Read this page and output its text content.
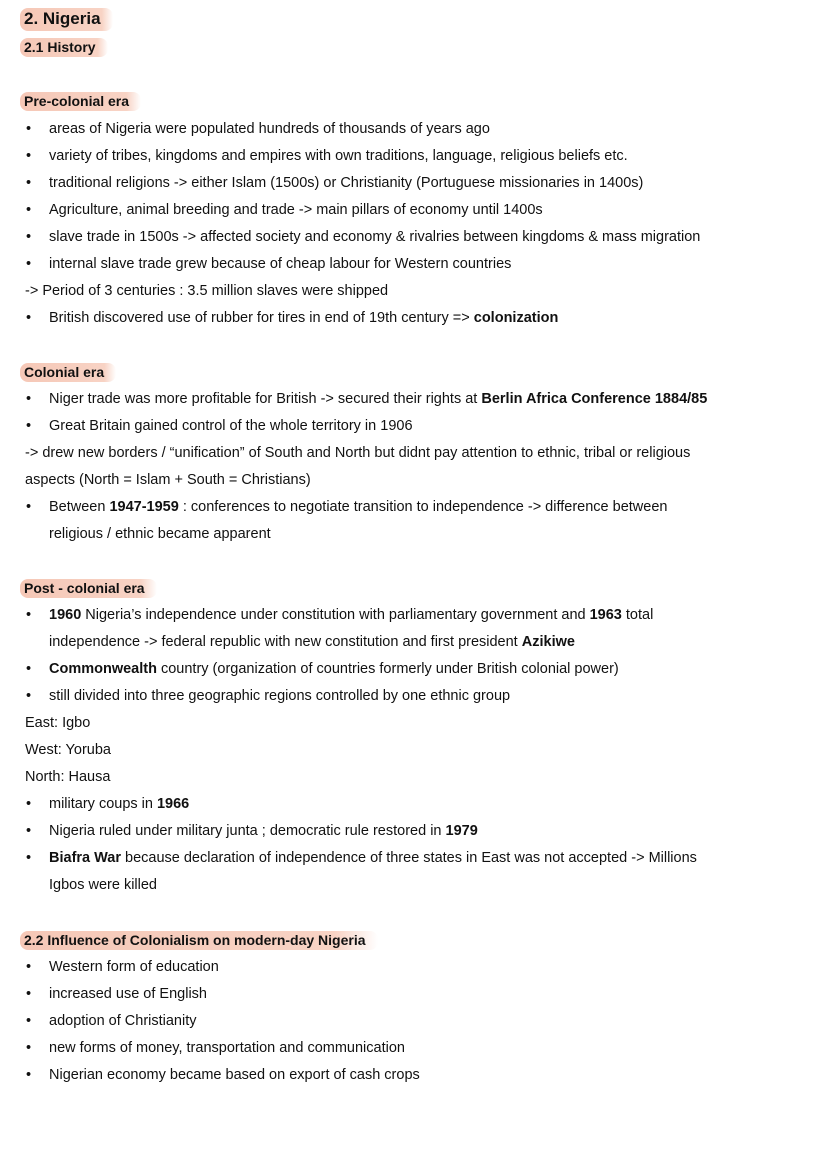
2. Nigeria
2.1 History
Pre-colonial era
• areas of Nigeria were populated hundreds of thousands of years ago
• variety of tribes, kingdoms and empires with own traditions, language, religious beliefs etc.
• traditional religions -> either Islam (1500s) or Christianity (Portuguese missionaries in 1400s)
• Agriculture, animal breeding and trade -> main pillars of economy until 1400s
• slave trade in 1500s -> affected society and economy & rivalries between kingdoms & mass migration
• internal slave trade grew because of cheap labour for Western countries
-> Period of 3 centuries : 3.5 million slaves were shipped
• British discovered use of rubber for tires in end of 19th century => colonization
Colonial era
• Niger trade was more profitable for British -> secured their rights at Berlin Africa Conference 1884/85
• Great Britain gained control of the whole territory in 1906
-> drew new borders / “unification” of South and North but didnt pay attention to ethnic, tribal or religious
aspects (North = Islam + South = Christians)
• Between 1947-1959 : conferences to negotiate transition to independence -> difference between
religious / ethnic became apparent
Post - colonial era
• 1960 Nigeria’s independence under constitution with parliamentary government and 1963 total
independence -> federal republic with new constitution and first president Azikiwe
• Commonwealth country (organization of countries formerly under British colonial power)
• still divided into three geographic regions controlled by one ethnic group
East: Igbo
West: Yoruba
North: Hausa
• military coups in 1966
• Nigeria ruled under military junta ; democratic rule restored in 1979
• Biafra War because declaration of independence of three states in East was not accepted -> Millions
Igbos were killed
2.2 Influence of Colonialism on modern-day Nigeria
• Western form of education
• increased use of English
• adoption of Christianity
• new forms of money, transportation and communication
• Nigerian economy became based on export of cash crops
